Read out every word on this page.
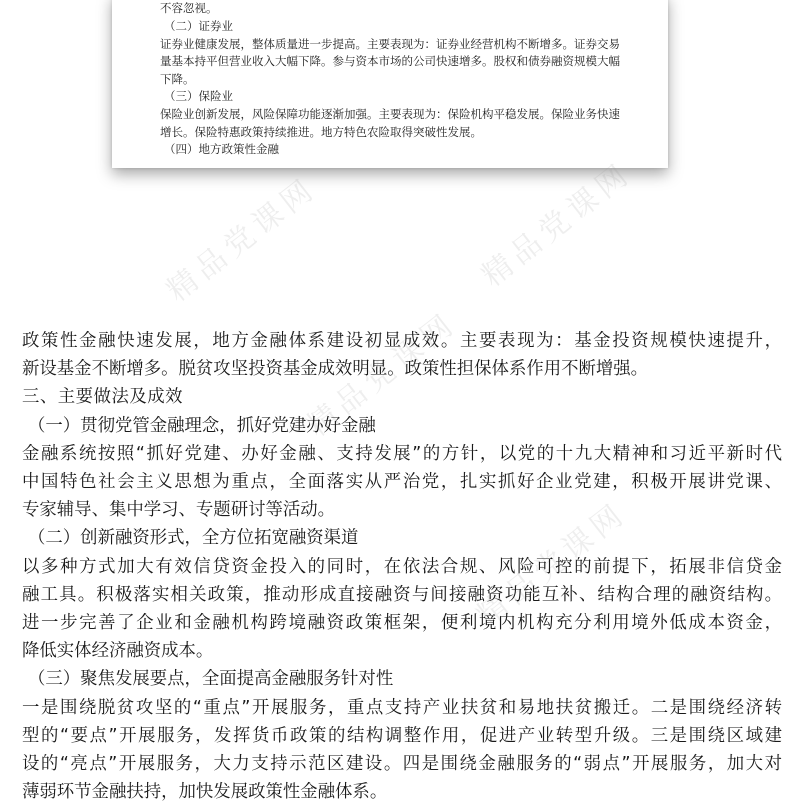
不容忽视。
（二）证券业
证券业健康发展，整体质量进一步提高。主要表现为：证券业经营机构不断增多。证券交易
量基本持平但营业收入大幅下降。参与资本市场的公司快速增多。股权和债券融资规模大幅
下降。
（三）保险业
保险业创新发展，风险保障功能逐渐加强。主要表现为：保险机构平稳发展。保险业务快速
增长。保险特惠政策持续推进。地方特色农险取得突破性发展。
（四）地方政策性金融
精品党课网	精品党课网
精品党课网
精品党课网
政策性金融快速发展，地方金融体系建设初显成效。主要表现为：基金投资规模快速提升，
新设基金不断增多。脱贫攻坚投资基金成效明显。政策性担保体系作用不断增强。
三、主要做法及成效
（一）贯彻党管金融理念，抓好党建办好金融
金融系统按照“抓好党建、办好金融、支持发展”的方针，以党的十九大精神和习近平新时代
中国特色社会主义思想为重点，全面落实从严治党，扎实抓好企业党建，积极开展讲党课、
专家辅导、集中学习、专题研讨等活动。
（二）创新融资形式，全方位拓宽融资渠道
以多种方式加大有效信贷资金投入的同时，在依法合规、风险可控的前提下，拓展非信贷金
融工具。积极落实相关政策，推动形成直接融资与间接融资功能互补、结构合理的融资结构。
进一步完善了企业和金融机构跨境融资政策框架，便利境内机构充分利用境外低成本资金，
降低实体经济融资成本。
（三）聚焦发展要点，全面提高金融服务针对性
一是围绕脱贫攻坚的“重点”开展服务，重点支持产业扶贫和易地扶贫搬迁。二是围绕经济转
型的“要点”开展服务，发挥货币政策的结构调整作用，促进产业转型升级。三是围绕区域建
设的“亮点”开展服务，大力支持示范区建设。四是围绕金融服务的“弱点”开展服务，加大对
薄弱环节金融扶持，加快发展政策性金融体系。
